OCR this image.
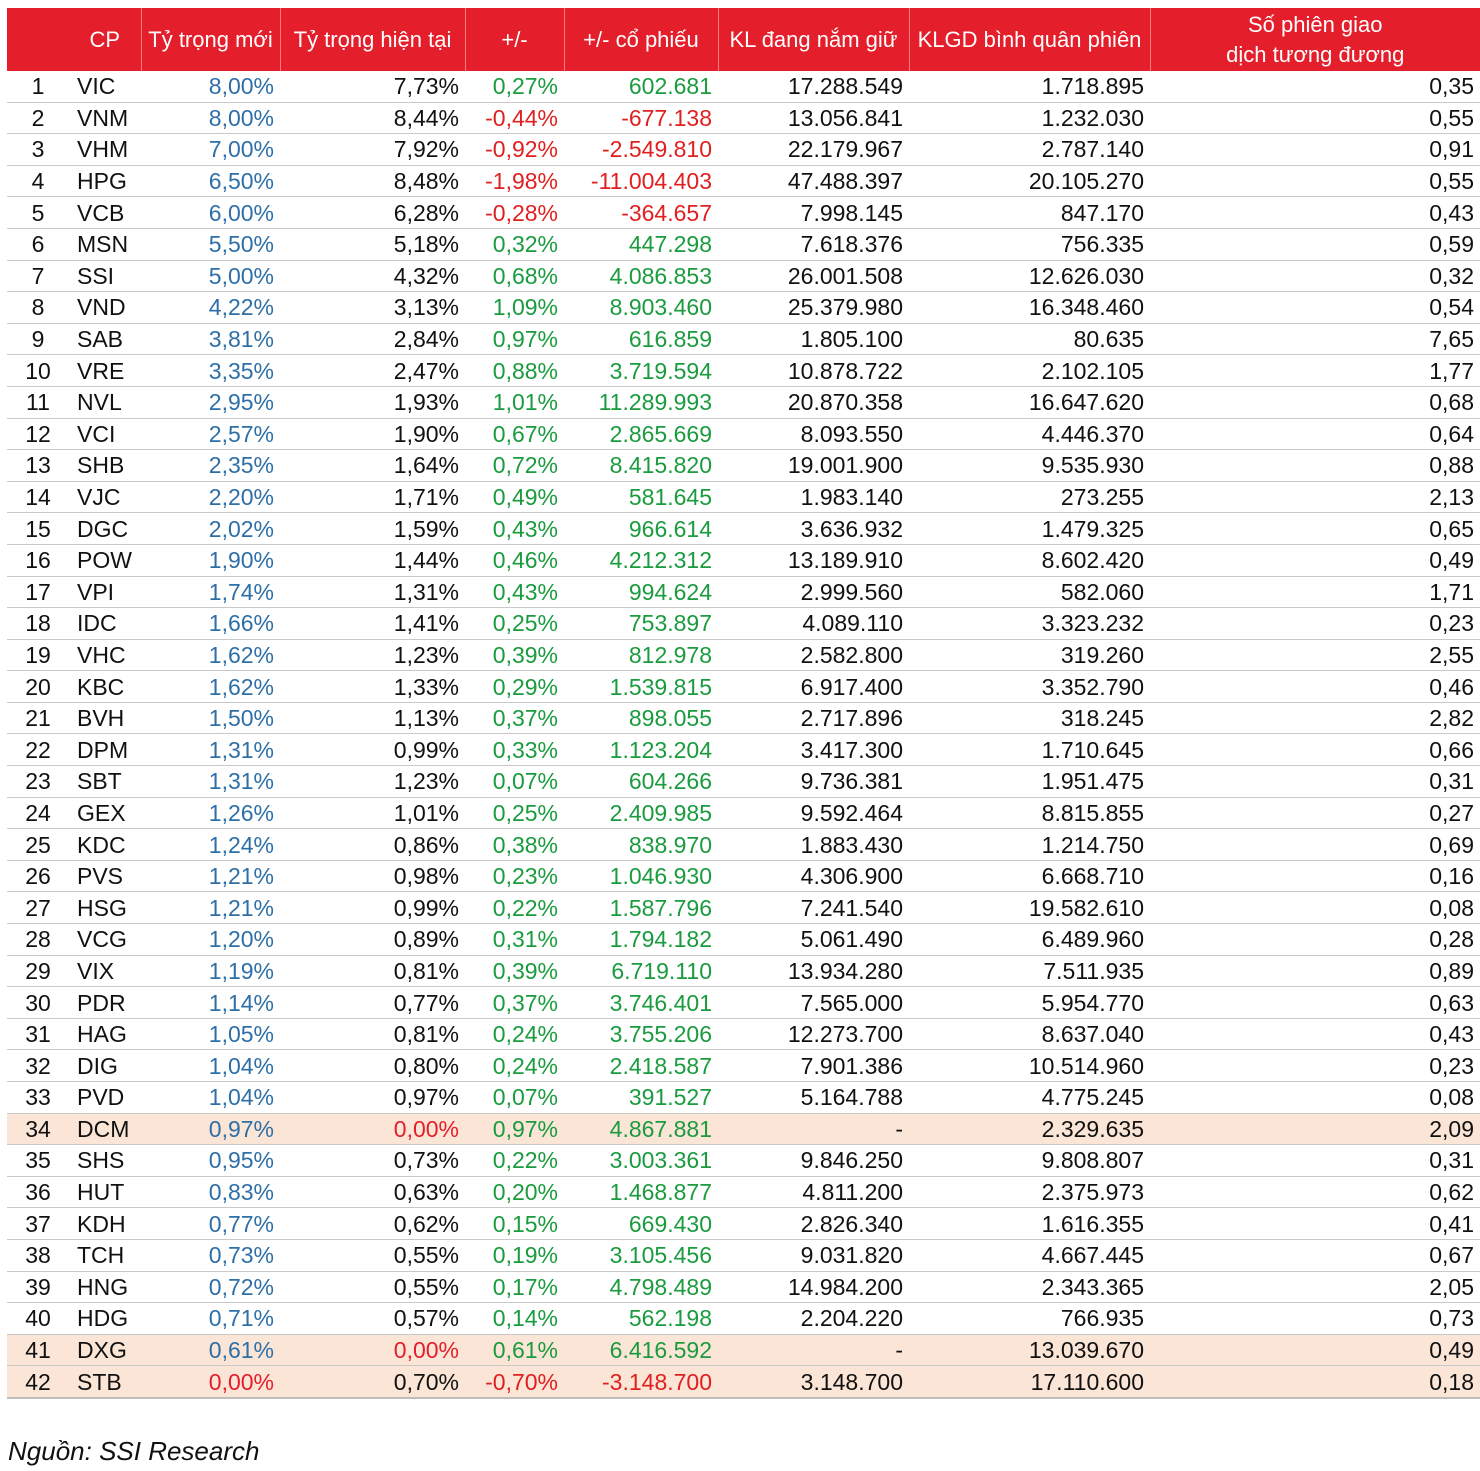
	CP	Tỷ trọng mới	Tỷ trọng hiện tại	+/-	+/- cổ phiếu	KL đang nắm giữ	KLGD bình quân phiên	Số phiên giao
dịch tương đương
1	VIC	8,00%	7,73%	0,27%	602.681	17.288.549	1.718.895	0,35
2	VNM	8,00%	8,44%	-0,44%	-677.138	13.056.841	1.232.030	0,55
3	VHM	7,00%	7,92%	-0,92%	-2.549.810	22.179.967	2.787.140	0,91
4	HPG	6,50%	8,48%	-1,98%	-11.004.403	47.488.397	20.105.270	0,55
5	VCB	6,00%	6,28%	-0,28%	-364.657	7.998.145	847.170	0,43
6	MSN	5,50%	5,18%	0,32%	447.298	7.618.376	756.335	0,59
7	SSI	5,00%	4,32%	0,68%	4.086.853	26.001.508	12.626.030	0,32
8	VND	4,22%	3,13%	1,09%	8.903.460	25.379.980	16.348.460	0,54
9	SAB	3,81%	2,84%	0,97%	616.859	1.805.100	80.635	7,65
10	VRE	3,35%	2,47%	0,88%	3.719.594	10.878.722	2.102.105	1,77
11	NVL	2,95%	1,93%	1,01%	11.289.993	20.870.358	16.647.620	0,68
12	VCI	2,57%	1,90%	0,67%	2.865.669	8.093.550	4.446.370	0,64
13	SHB	2,35%	1,64%	0,72%	8.415.820	19.001.900	9.535.930	0,88
14	VJC	2,20%	1,71%	0,49%	581.645	1.983.140	273.255	2,13
15	DGC	2,02%	1,59%	0,43%	966.614	3.636.932	1.479.325	0,65
16	POW	1,90%	1,44%	0,46%	4.212.312	13.189.910	8.602.420	0,49
17	VPI	1,74%	1,31%	0,43%	994.624	2.999.560	582.060	1,71
18	IDC	1,66%	1,41%	0,25%	753.897	4.089.110	3.323.232	0,23
19	VHC	1,62%	1,23%	0,39%	812.978	2.582.800	319.260	2,55
20	KBC	1,62%	1,33%	0,29%	1.539.815	6.917.400	3.352.790	0,46
21	BVH	1,50%	1,13%	0,37%	898.055	2.717.896	318.245	2,82
22	DPM	1,31%	0,99%	0,33%	1.123.204	3.417.300	1.710.645	0,66
23	SBT	1,31%	1,23%	0,07%	604.266	9.736.381	1.951.475	0,31
24	GEX	1,26%	1,01%	0,25%	2.409.985	9.592.464	8.815.855	0,27
25	KDC	1,24%	0,86%	0,38%	838.970	1.883.430	1.214.750	0,69
26	PVS	1,21%	0,98%	0,23%	1.046.930	4.306.900	6.668.710	0,16
27	HSG	1,21%	0,99%	0,22%	1.587.796	7.241.540	19.582.610	0,08
28	VCG	1,20%	0,89%	0,31%	1.794.182	5.061.490	6.489.960	0,28
29	VIX	1,19%	0,81%	0,39%	6.719.110	13.934.280	7.511.935	0,89
30	PDR	1,14%	0,77%	0,37%	3.746.401	7.565.000	5.954.770	0,63
31	HAG	1,05%	0,81%	0,24%	3.755.206	12.273.700	8.637.040	0,43
32	DIG	1,04%	0,80%	0,24%	2.418.587	7.901.386	10.514.960	0,23
33	PVD	1,04%	0,97%	0,07%	391.527	5.164.788	4.775.245	0,08
34	DCM	0,97%	0,00%	0,97%	4.867.881	-	2.329.635	2,09
35	SHS	0,95%	0,73%	0,22%	3.003.361	9.846.250	9.808.807	0,31
36	HUT	0,83%	0,63%	0,20%	1.468.877	4.811.200	2.375.973	0,62
37	KDH	0,77%	0,62%	0,15%	669.430	2.826.340	1.616.355	0,41
38	TCH	0,73%	0,55%	0,19%	3.105.456	9.031.820	4.667.445	0,67
39	HNG	0,72%	0,55%	0,17%	4.798.489	14.984.200	2.343.365	2,05
40	HDG	0,71%	0,57%	0,14%	562.198	2.204.220	766.935	0,73
41	DXG	0,61%	0,00%	0,61%	6.416.592	-	13.039.670	0,49
42	STB	0,00%	0,70%	-0,70%	-3.148.700	3.148.700	17.110.600	0,18
Nguồn: SSI Research
